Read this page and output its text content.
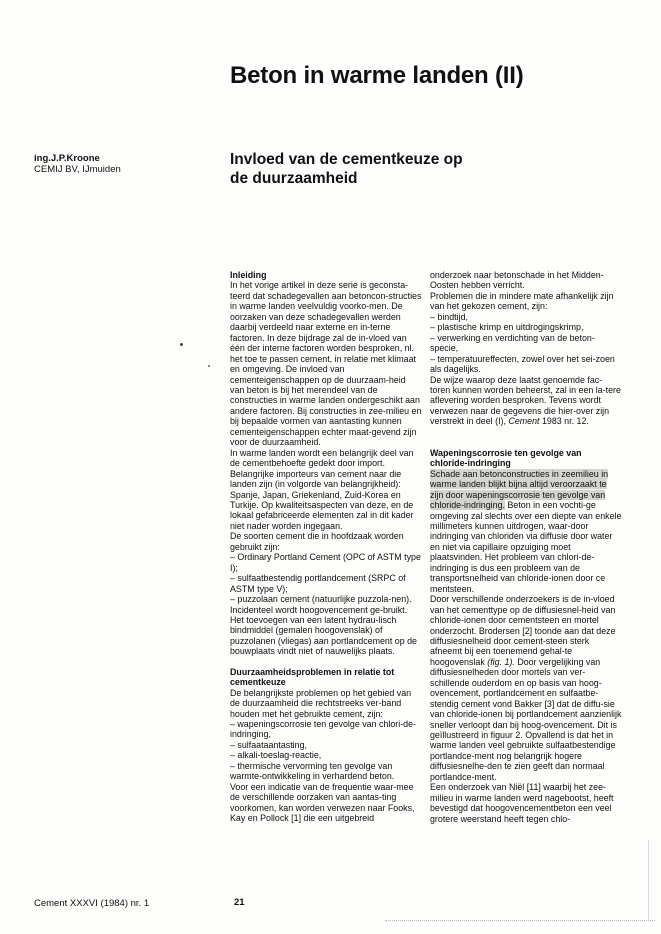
Beton in warme landen (II)
ing.J.P.Kroone
CEMIJ BV, IJmuiden
Invloed van de cementkeuze op
de duurzaamheid
Inleiding

In het vorige artikel in deze serie is geconsta-teerd dat schadegevallen aan betoncon-structies in warme landen veelvuldig voorko-men. De oorzaken van deze schadegevallen werden daarbij verdeeld naar externe en in-terne factoren. In deze bijdrage zal de in-vloed van één der interne factoren worden besproken, nl. het toe te passen cement, in relatie met klimaat en omgeving. De invloed van cementeigenschappen op de duurzaam-heid van beton is bij het merendeel van de constructies in warme landen ondergeschikt aan andere factoren. Bij constructies in zee-milieu en bij bepaalde vormen van aantasting kunnen cementeigenschappen echter maat-gevend zijn voor de duurzaamheid.

In warme landen wordt een belangrijk deel van de cementbehoefte gedekt door import. Belangrijke importeurs van cement naar die landen zijn (in volgorde van belangrijkheid): Spanje, Japan, Griekenland, Zuid-Korea en Turkije. Op kwaliteitsaspecten van deze, en de lokaal gefabriceerde elementen zal in dit kader niet nader worden ingegaan.

De soorten cement die in hoofdzaak worden gebruikt zijn:

– Ordinary Portland Cement (OPC of ASTM type I);

– sulfaatbestendig portlandcement (SRPC of ASTM type V);

– puzzolaan cement (natuurlijke puzzola-nen).

Incidenteel wordt hoogovencement ge-bruikt. Het toevoegen van een latent hydrau-lisch bindmiddel (gemalen hoogovenslak) of puzzolanen (vliegas) aan portlandcement op de bouwplaats vindt niet of nauwelijks plaats.

Duurzaamheidsproblemen in relatie tot
cementkeuze

De belangrijkste problemen op het gebied van de duurzaamheid die rechtstreeks ver-band houden met het gebruikte cement, zijn:

– wapeningscorrosie ten gevolge van chlori-de-indringing,

– sulfaataantasting,

– alkali-toeslag-reactie,

– thermische vervorming ten gevolge van warmte-ontwikkeling in verhardend beton.

Voor een indicatie van de frequentie waar-mee de verschillende oorzaken van aantas-ting voorkomen, kan worden verwezen naar Fooks, Kay en Pollock [1] die een uitgebreid

onderzoek naar betonschade in het Midden-Oosten hebben verricht.

Problemen die in mindere mate afhankelijk zijn van het gekozen cement, zijn:

– bindtijd,

– plastische krimp en uitdrogingskrimp,

– verwerking en verdichting van de beton-specie,

– temperatuureffecten, zowel over het sei-zoen als dagelijks.

De wijze waarop deze laatst genoemde fac-toren kunnen worden beheerst, zal in een la-tere aflevering worden besproken. Tevens wordt verwezen naar de gegevens die hier-over zijn verstrekt in deel (I), Cement 1983 nr. 12.

Wapeningscorrosie ten gevolge van
chloride-indringing

Schade aan betonconstructies in zeemilieu in warme landen blijkt bijna altijd veroorzaakt te zijn door wapeningscorrosie ten gevolge van chloride-indringing. Beton in een vochti-ge omgeving zal slechts over een diepte van enkele millimeters kunnen uitdrogen, waar-door indringing van chloriden via diffusie door water en niet via capillaire opzuiging moet plaatsvinden. Het probleem van chlori-de-indringing is dus een probleem van de transportsnelheid van chloride-ionen door ce mentsteen.

Door verschillende onderzoekers is de in-vloed van het cementtype op de diffusiesnel-heid van chloride-ionen door cementsteen en mortel onderzocht. Brodersen [2] toonde aan dat deze diffusiesnelheid door cement-steen sterk afneemt bij een toenemend gehal-te hoogovenslak (fig. 1). Door vergelijking van diffusiesnelheden door mortels van ver-schillende ouderdom en op basis van hoog-ovencement, portlandcement en sulfaatbe-stendig cement vond Bakker [3] dat de diffu-sie van chloride-ionen bij portlandcement aanzienlijk sneller verloopt dan bij hoog-ovencement. Dit is geïllustreerd in figuur 2. Opvallend is dat het in warme landen veel gebruikte sulfaatbestendige portlandce-ment nog belangrijk hogere diffusiesnelhe-den te zien geeft dan normaal portlandce-ment.

Een onderzoek van Niël [11] waarbij het zee-milieu in warme landen werd nagebootst, heeft bevestigd dat hoogovencementbeton een veel grotere weerstand heeft tegen chlo-

Cement XXXVI (1984) nr. 1	21
